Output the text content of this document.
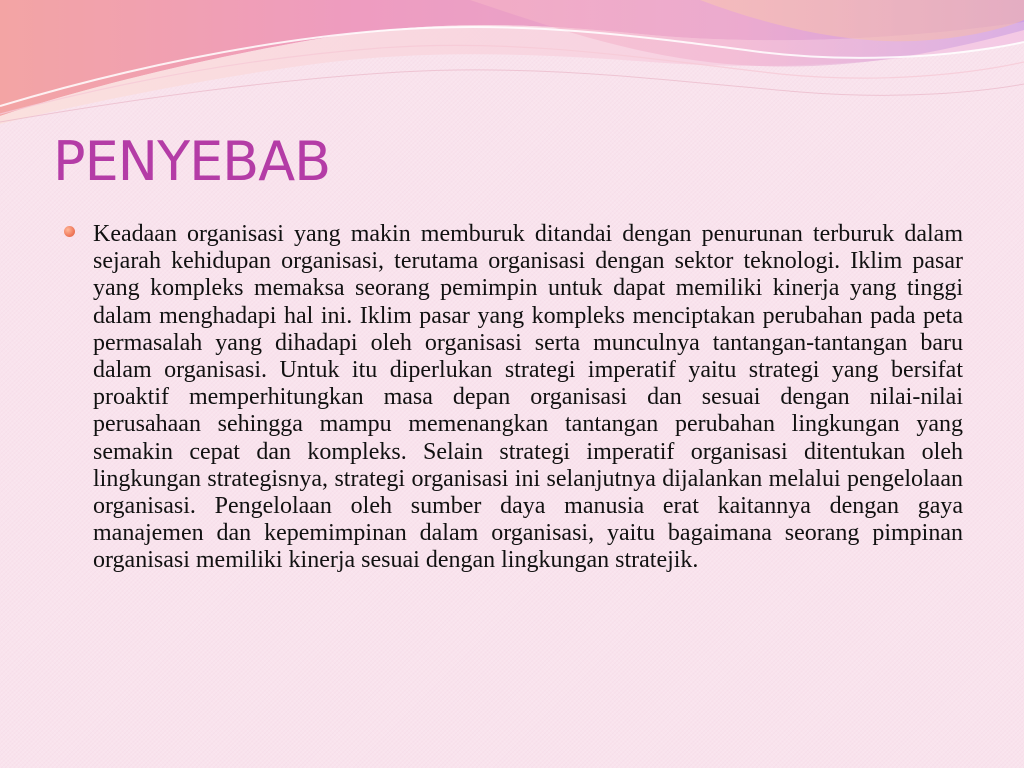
PENYEBAB

Keadaan organisasi yang makin memburuk ditandai dengan penurunan terburuk dalam sejarah kehidupan organisasi, terutama organisasi dengan sektor teknologi. Iklim pasar yang kompleks memaksa seorang pemimpin untuk dapat memiliki kinerja yang tinggi dalam menghadapi hal ini. Iklim pasar yang kompleks menciptakan perubahan pada peta permasalah yang dihadapi oleh organisasi serta munculnya tantangan-tantangan baru dalam organisasi. Untuk itu diperlukan strategi imperatif yaitu strategi yang bersifat proaktif memperhitungkan masa depan organisasi dan sesuai dengan nilai-nilai perusahaan sehingga mampu memenangkan tantangan perubahan lingkungan yang semakin cepat dan kompleks. Selain strategi imperatif organisasi ditentukan oleh lingkungan strategisnya, strategi organisasi ini selanjutnya dijalankan melalui pengelolaan organisasi. Pengelolaan oleh sumber daya manusia erat kaitannya dengan gaya manajemen dan kepemimpinan dalam organisasi, yaitu bagaimana seorang pimpinan organisasi memiliki kinerja sesuai dengan lingkungan stratejik.
